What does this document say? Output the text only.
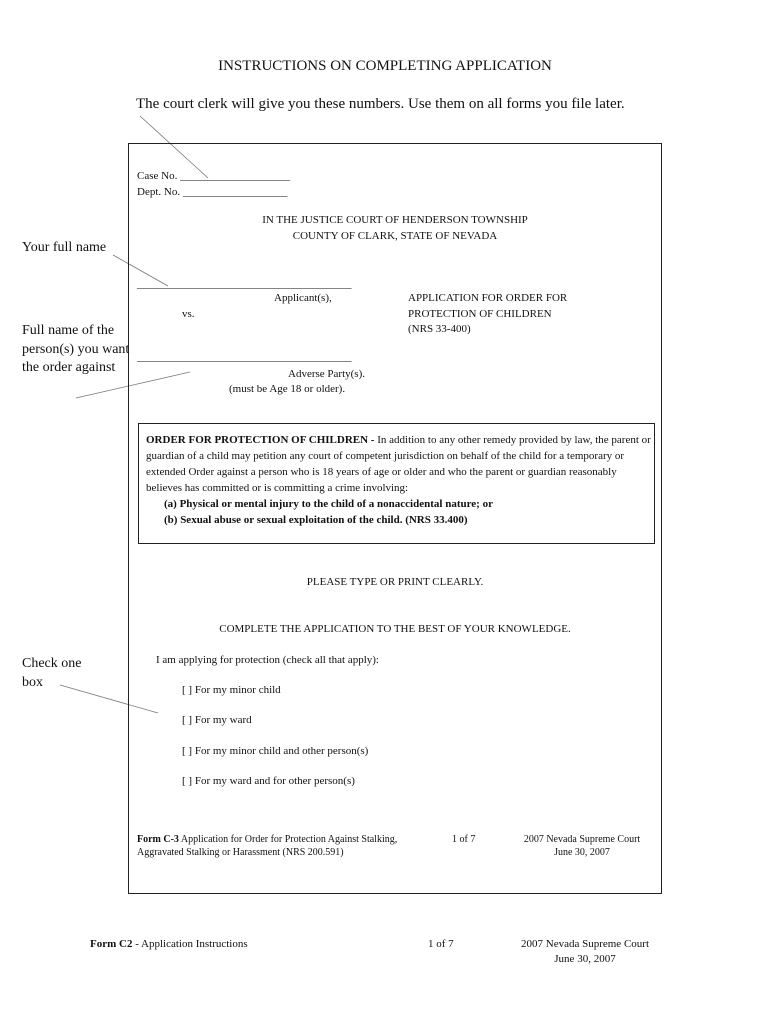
INSTRUCTIONS ON COMPLETING APPLICATION
The court clerk will give you these numbers. Use them on all forms you file later.
Your full name
Full name of the person(s) you want the order against
Check one box
Case No. ____________________
Dept. No. ___________________
IN THE JUSTICE COURT OF HENDERSON TOWNSHIP
COUNTY OF CLARK, STATE OF NEVADA
_______________________________________
Applicant(s),
vs.
APPLICATION FOR ORDER FOR
PROTECTION OF CHILDREN
(NRS 33-400)
_______________________________________
Adverse Party(s).
(must be Age 18 or older).
ORDER FOR PROTECTION OF CHILDREN - In addition to any other remedy provided by law, the parent or guardian of a child may petition any court of competent jurisdiction on behalf of the child for a temporary or extended Order against a person who is 18 years of age or older and who the parent or guardian reasonably believes has committed or is committing a crime involving:
(a) Physical or mental injury to the child of a nonaccidental nature; or
(b) Sexual abuse or sexual exploitation of the child. (NRS 33.400)
PLEASE TYPE OR PRINT CLEARLY.
COMPLETE THE APPLICATION TO THE BEST OF YOUR KNOWLEDGE.
I am applying for protection (check all that apply):
[ ] For my minor child
[ ] For my ward
[ ] For my minor child and other person(s)
[ ] For my ward and for other person(s)
Form C-3 Application for Order for Protection Against Stalking,
Aggravated Stalking or Harassment (NRS 200.591)
1 of 7	2007 Nevada Supreme Court
June 30, 2007
Form C2 - Application Instructions	1 of 7	2007 Nevada Supreme Court
June 30, 2007
